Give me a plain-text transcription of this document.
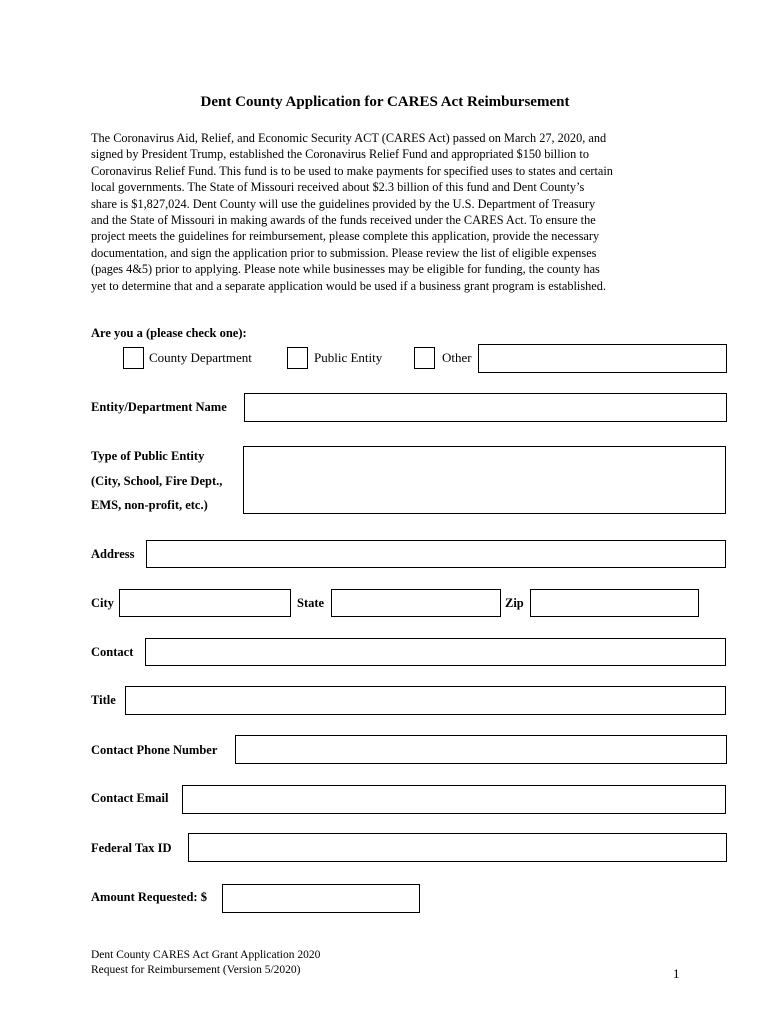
Dent County Application for CARES Act Reimbursement
The Coronavirus Aid, Relief, and Economic Security ACT (CARES Act) passed on March 27, 2020, and
signed by President Trump, established the Coronavirus Relief Fund and appropriated $150 billion to
Coronavirus Relief Fund. This fund is to be used to make payments for specified uses to states and certain
local governments. The State of Missouri received about $2.3 billion of this fund and Dent County’s
share is $1,827,024. Dent County will use the guidelines provided by the U.S. Department of Treasury
and the State of Missouri in making awards of the funds received under the CARES Act. To ensure the
project meets the guidelines for reimbursement, please complete this application, provide the necessary
documentation, and sign the application prior to submission. Please review the list of eligible expenses
(pages 4&5) prior to applying. Please note while businesses may be eligible for funding, the county has
yet to determine that and a separate application would be used if a business grant program is established.
Are you a (please check one):
County Department	Public Entity	Other
Entity/Department Name
Type of Public Entity
(City, School, Fire Dept.,
EMS, non-profit, etc.)
Address
City	State	Zip
Contact
Title
Contact Phone Number
Contact Email
Federal Tax ID
Amount Requested: $
Dent County CARES Act Grant Application 2020
Request for Reimbursement (Version 5/2020)	1
